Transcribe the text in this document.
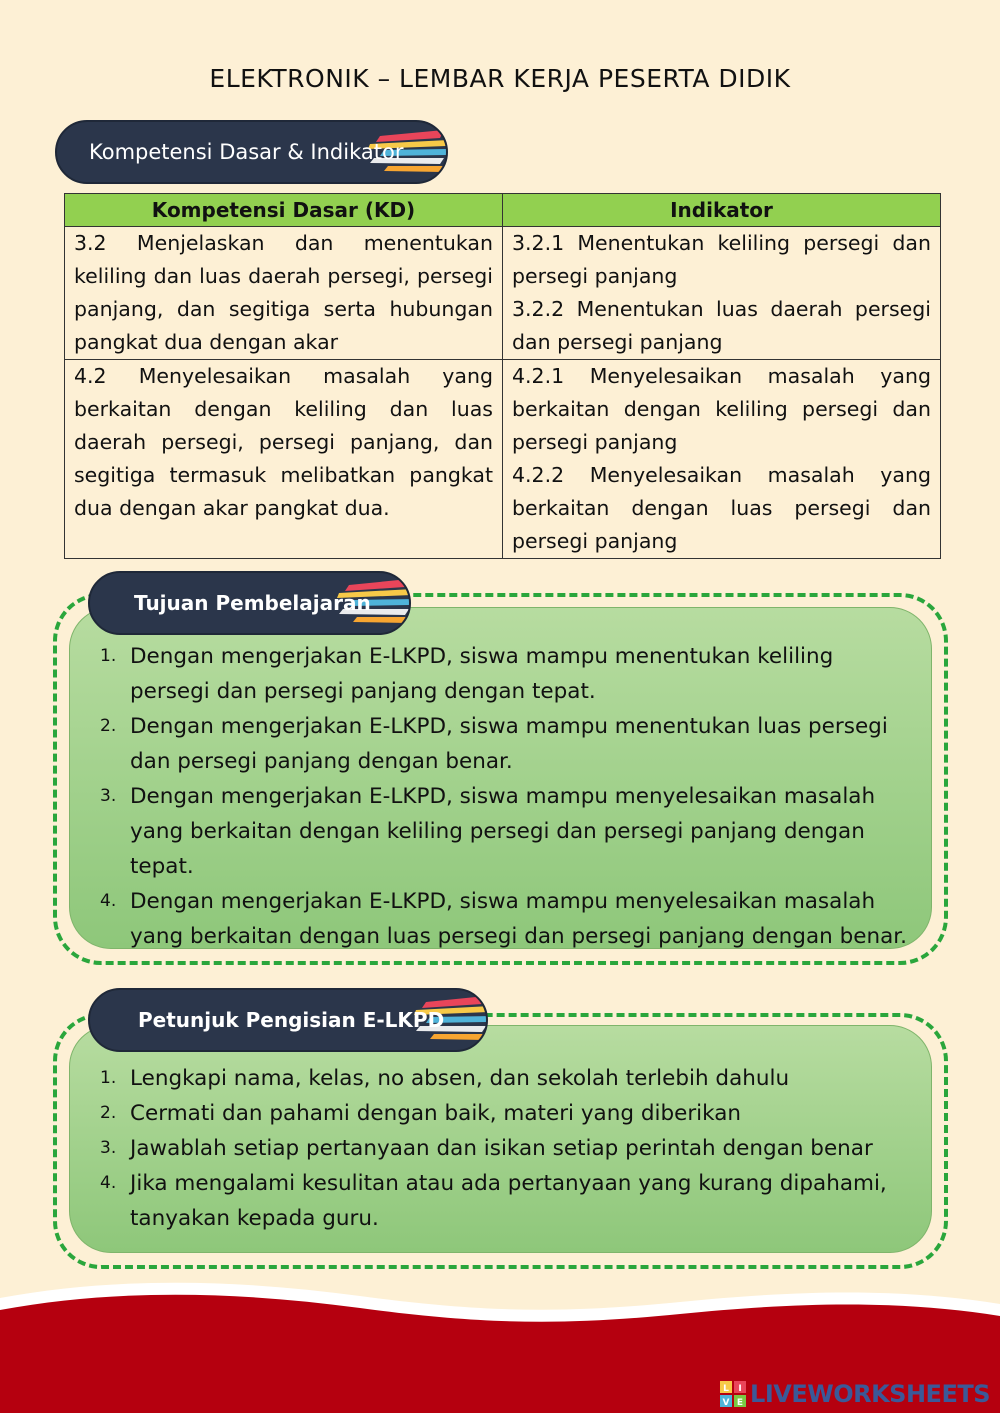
ELEKTRONIK – LEMBAR KERJA PESERTA DIDIK
Kompetensi Dasar & Indikator
Kompetensi Dasar (KD)	Indikator
3.2 Menjelaskan dan menentukan keliling dan luas daerah persegi, persegi panjang, dan segitiga serta hubungan pangkat dua dengan akar	3.2.1 Menentukan keliling persegi dan persegi panjang
3.2.2 Menentukan luas daerah persegi dan persegi panjang

4.2 Menyelesaikan masalah yang berkaitan dengan keliling dan luas daerah persegi, persegi panjang, dan segitiga termasuk melibatkan pangkat dua dengan akar pangkat dua.	4.2.1 Menyelesaikan masalah yang berkaitan dengan keliling persegi dan persegi panjang
4.2.2 Menyelesaikan masalah yang berkaitan dengan luas persegi dan persegi panjang
Tujuan Pembelajaran
1. Dengan mengerjakan E-LKPD, siswa mampu menentukan keliling persegi dan persegi panjang dengan tepat.
2. Dengan mengerjakan E-LKPD, siswa mampu menentukan luas persegi dan persegi panjang dengan benar.
3. Dengan mengerjakan E-LKPD, siswa mampu menyelesaikan masalah yang berkaitan dengan keliling persegi dan persegi panjang dengan tepat.
4. Dengan mengerjakan E-LKPD, siswa mampu menyelesaikan masalah yang berkaitan dengan luas persegi dan persegi panjang dengan benar.
Petunjuk Pengisian E-LKPD
1. Lengkapi nama, kelas, no absen, dan sekolah terlebih dahulu
2. Cermati dan pahami dengan baik, materi yang diberikan
3. Jawablah setiap pertanyaan dan isikan setiap perintah dengan benar
4. Jika mengalami kesulitan atau ada pertanyaan yang kurang dipahami, tanyakan kepada guru.
L I
V E LIVEWORKSHEETS
